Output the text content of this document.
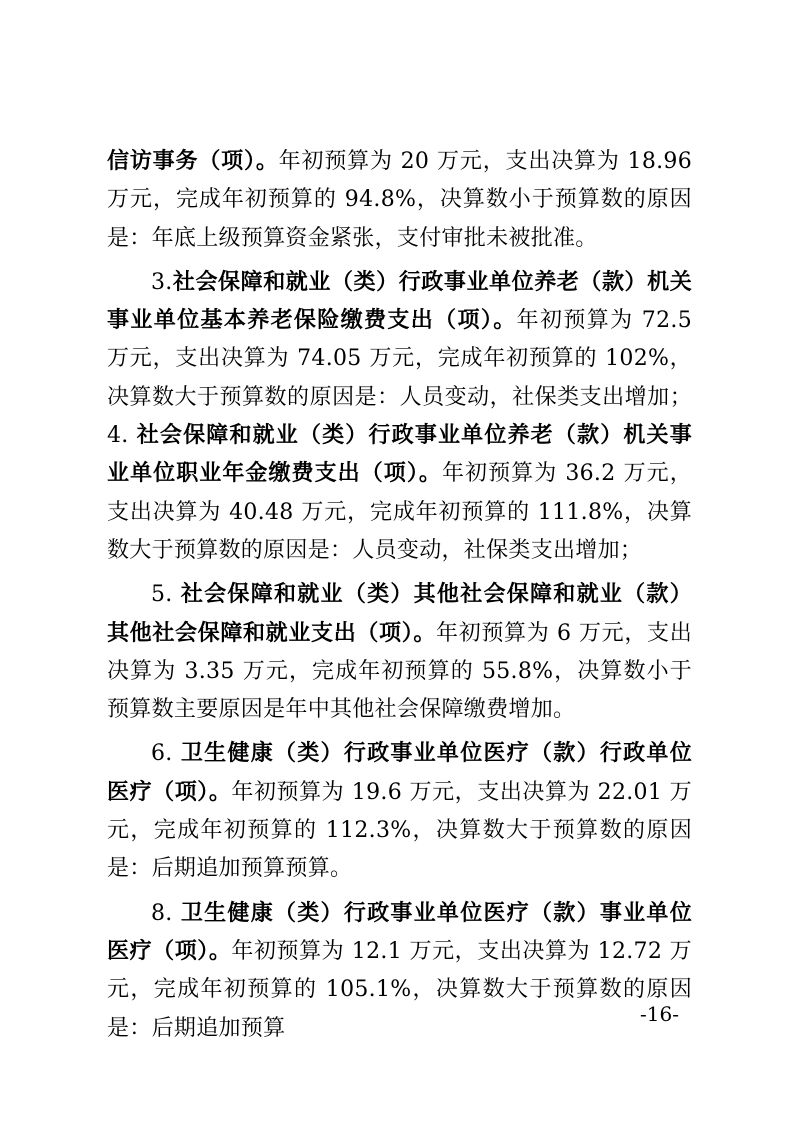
信访事务（项）。年初预算为 20 万元，支出决算为 18.96 万元，完成年初预算的 94.8%，决算数小于预算数的原因是：年底上级预算资金紧张，支付审批未被批准。

3.社会保障和就业（类）行政事业单位养老（款）机关事业单位基本养老保险缴费支出（项）。年初预算为 72.5 万元，支出决算为 74.05 万元，完成年初预算的 102%，决算数大于预算数的原因是：人员变动，社保类支出增加；4. 社会保障和就业（类）行政事业单位养老（款）机关事业单位职业年金缴费支出（项）。年初预算为 36.2 万元，支出决算为 40.48 万元，完成年初预算的 111.8%，决算数大于预算数的原因是：人员变动，社保类支出增加；

5. 社会保障和就业（类）其他社会保障和就业（款）其他社会保障和就业支出（项）。年初预算为 6 万元，支出决算为 3.35 万元，完成年初预算的 55.8%，决算数小于预算数主要原因是年中其他社会保障缴费增加。

6. 卫生健康（类）行政事业单位医疗（款）行政单位医疗（项）。年初预算为 19.6 万元，支出决算为 22.01 万元，完成年初预算的 112.3%，决算数大于预算数的原因是：后期追加预算预算。

8. 卫生健康（类）行政事业单位医疗（款）事业单位医疗（项）。年初预算为 12.1 万元，支出决算为 12.72 万元，完成年初预算的 105.1%，决算数大于预算数的原因是：后期追加预算

-16-
